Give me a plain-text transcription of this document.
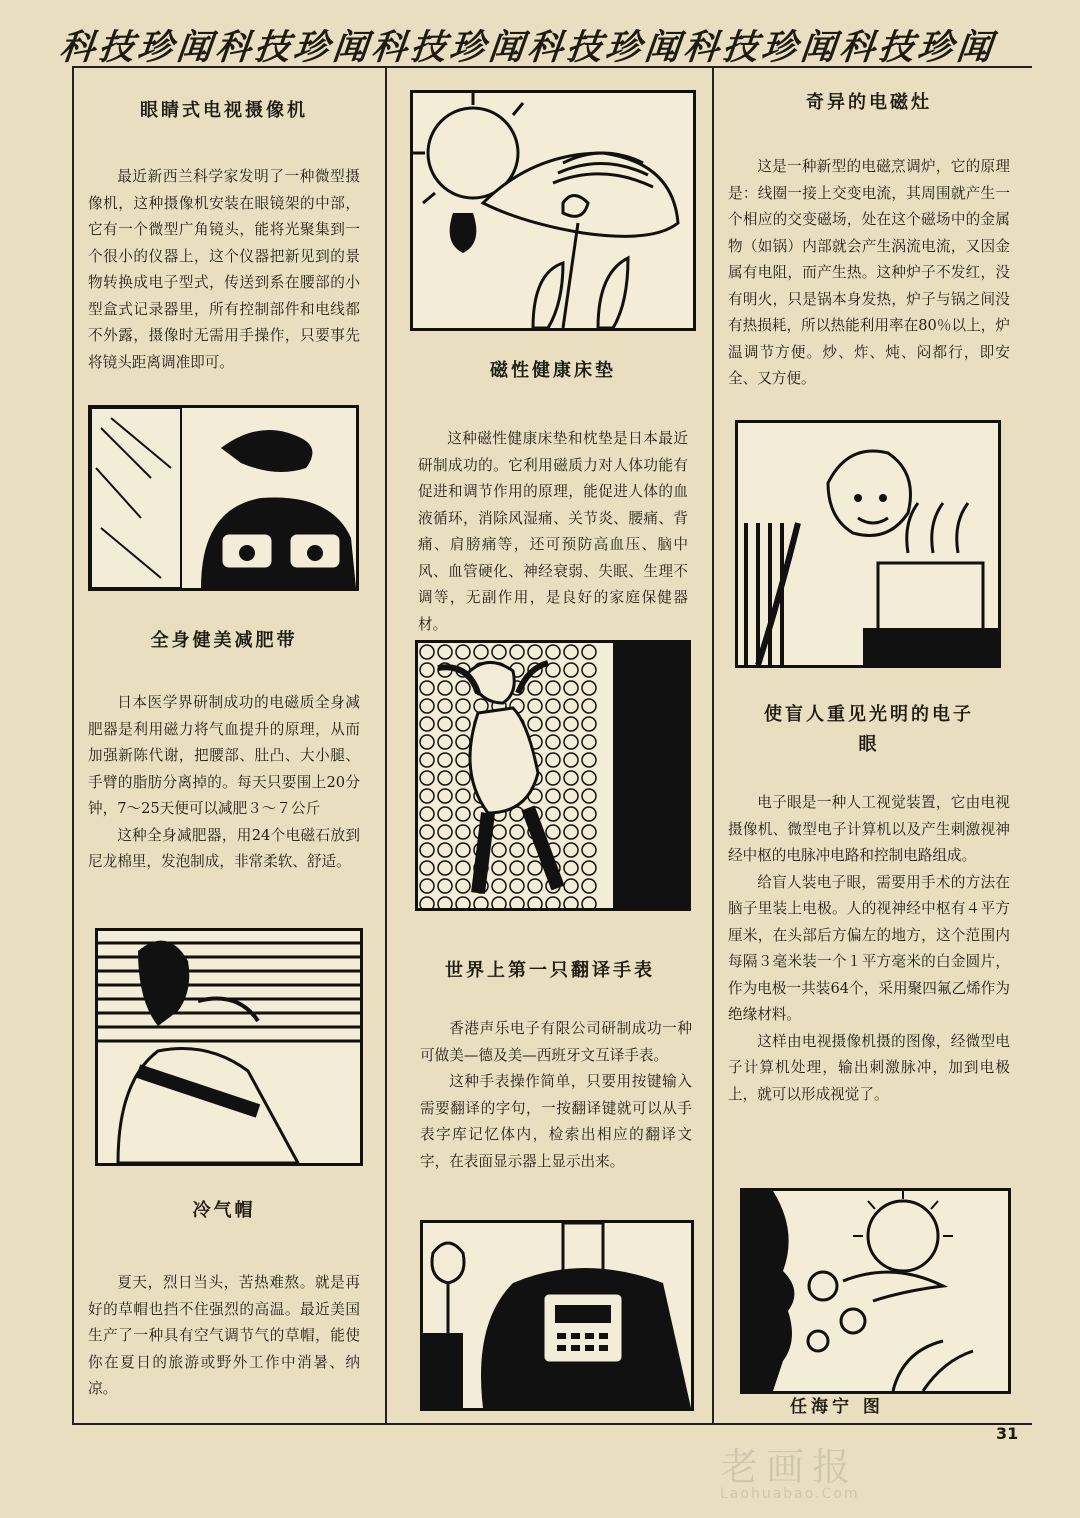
科技珍闻科技珍闻科技珍闻科技珍闻科技珍闻科技珍闻
眼睛式电视摄像机

最近新西兰科学家发明了一种微型摄像机，这种摄像机安装在眼镜架的中部，它有一个微型广角镜头，能将光聚集到一个很小的仪器上，这个仪器把新见到的景物转换成电子型式，传送到系在腰部的小型盒式记录器里，所有控制部件和电线都不外露，摄像时无需用手操作，只要事先将镜头距离调准即可。

全身健美减肥带

日本医学界研制成功的电磁质全身减肥器是利用磁力将气血提升的原理，从而加强新陈代谢，把腰部、肚凸、大小腿、手臂的脂肪分离掉的。每天只要围上20分钟，7～25天便可以减肥３～７公斤

这种全身减肥器，用24个电磁石放到尼龙棉里，发泡制成，非常柔软、舒适。

冷气帽

夏天，烈日当头，苦热难熬。就是再好的草帽也挡不住强烈的高温。最近美国生产了一种具有空气调节气的草帽，能使你在夏日的旅游或野外工作中消暑、纳凉。

磁性健康床垫

这种磁性健康床垫和枕垫是日本最近研制成功的。它利用磁质力对人体功能有促进和调节作用的原理，能促进人体的血液循环，消除风湿痛、关节炎、腰痛、背痛、肩膀痛等，还可预防高血压、脑中风、血管硬化、神经衰弱、失眠、生理不调等，无副作用，是良好的家庭保健器材。

世界上第一只翻译手表

香港声乐电子有限公司研制成功一种可做美—德及美—西班牙文互译手表。

这种手表操作简单，只要用按键输入需要翻译的字句，一按翻译键就可以从手表字库记忆体内，检索出相应的翻译文字，在表面显示器上显示出来。

奇异的电磁灶

这是一种新型的电磁烹调炉，它的原理是：线圈一接上交变电流，其周围就产生一个相应的交变磁场，处在这个磁场中的金属物（如锅）内部就会产生涡流电流，又因金属有电阻，而产生热。这种炉子不发红，没有明火，只是锅本身发热，炉子与锅之间没有热损耗，所以热能利用率在80％以上，炉温调节方便。炒、炸、炖、闷都行，即安全、又方便。

使盲人重见光明的电子眼

电子眼是一种人工视觉装置，它由电视摄像机、微型电子计算机以及产生刺激视神经中枢的电脉冲电路和控制电路组成。

给盲人装电子眼，需要用手术的方法在脑子里装上电极。人的视神经中枢有４平方厘米，在头部后方偏左的地方，这个范围内每隔３毫米装一个１平方毫米的白金圆片，作为电极一共装64个，采用聚四氟乙烯作为绝缘材料。

这样由电视摄像机摄的图像，经微型电子计算机处理，输出刺激脉冲，加到电极上，就可以形成视觉了。

任海宁 图
31
老画报
Laohuabao.Com
